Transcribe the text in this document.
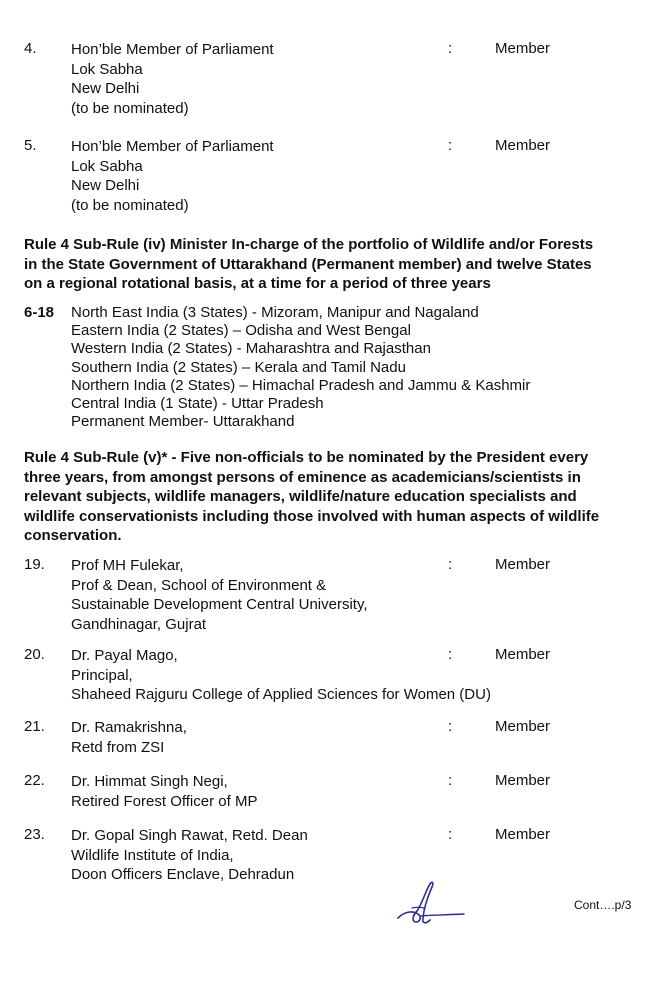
4. Hon’ble Member of Parliament
Lok Sabha
New Delhi
(to be nominated)
:	Member
5. Hon’ble Member of Parliament
Lok Sabha
New Delhi
(to be nominated)
:	Member
Rule 4 Sub-Rule (iv) Minister In-charge of the portfolio of Wildlife and/or Forests
in the State Government of Uttarakhand (Permanent member) and twelve States
on a regional rotational basis, at a time for a period of three years
6-18 North East India (3 States) - Mizoram, Manipur and Nagaland
Eastern India (2 States) – Odisha and West Bengal
Western India (2 States) - Maharashtra and Rajasthan
Southern India (2 States) – Kerala and Tamil Nadu
Northern India (2 States) – Himachal Pradesh and Jammu & Kashmir
Central India (1 State) - Uttar Pradesh
Permanent Member- Uttarakhand
Rule 4 Sub-Rule (v)* - Five non-officials to be nominated by the President every
three years, from amongst persons of eminence as academicians/scientists in
relevant subjects, wildlife managers, wildlife/nature education specialists and
wildlife conservationists including those involved with human aspects of wildlife
conservation.
19. Prof MH Fulekar,
Prof & Dean, School of Environment &
Sustainable Development Central University,
Gandhinagar, Gujrat
:	Member
20. Dr. Payal Mago,
Principal,
Shaheed Rajguru College of Applied Sciences for Women (DU)
:	Member
21. Dr. Ramakrishna,
Retd from ZSI
:	Member
22. Dr. Himmat Singh Negi,
Retired Forest Officer of MP
:	Member
23. Dr. Gopal Singh Rawat, Retd. Dean
Wildlife Institute of India,
Doon Officers Enclave, Dehradun
:	Member
Cont….p/3
